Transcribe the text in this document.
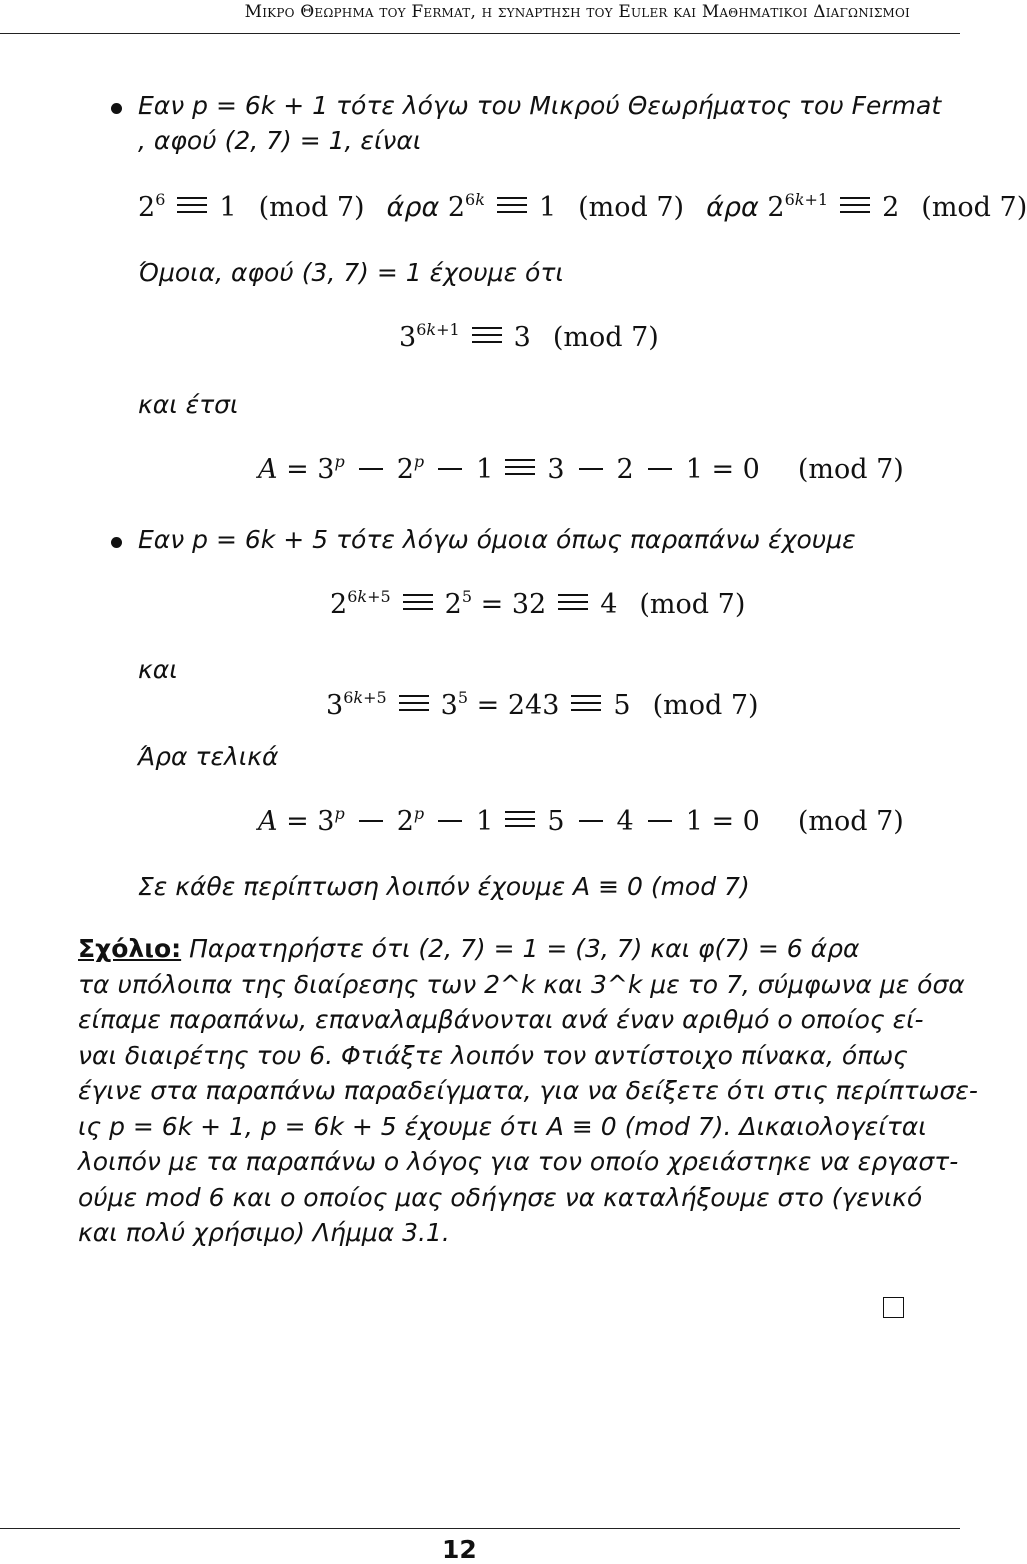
Μικρο Θεωρημα του Fermat, η συναρτηση του Euler και Μαθηματικοι Διαγωνισμοι
Εαν p = 6k + 1 τότε λόγω του Μικρού Θεωρήματος του Fermat
, αφού (2, 7) = 1, είναι
$2^6$ 1 (mod 7) άρα $2^{6k}$ 1 (mod 7) άρα $2^{6k+1}$ 2 (mod 7)
Όμοια, αφού (3, 7) = 1 έχουμε ότι
$3^{6k+1}$ 3 (mod 7)
και έτσι
$A = 3^p$ 2$^p$ 1 3 2 1 = 0 (mod 7)
Εαν p = 6k + 5 τότε λόγω όμοια όπως παραπάνω έχουμε
$2^{6k+5}$ $2^5 = 32$ 4 (mod 7)
και
$3^{6k+5}$ $3^5 = 243$ 5 (mod 7)
Άρα τελικά
$A = 3^p$ 2$^p$ 1 5 4 1 = 0 (mod 7)
Σε κάθε περίπτωση λοιπόν έχουμε A ≡ 0 (mod 7)
Σχόλιο: Παρατηρήστε ότι (2, 7) = 1 = (3, 7) και φ(7) = 6 άρα
τα υπόλοιπα της διαίρεσης των 2^k και 3^k με το 7, σύμφωνα με όσα
είπαμε παραπάνω, επαναλαμβάνονται ανά έναν αριθμό ο οποίος εί-
ναι διαιρέτης του 6. Φτιάξτε λοιπόν τον αντίστοιχο πίνακα, όπως
έγινε στα παραπάνω παραδείγματα, για να δείξετε ότι στις περίπτωσε-
ις p = 6k + 1, p = 6k + 5 έχουμε ότι A ≡ 0 (mod 7). Δικαιολογείται
λοιπόν με τα παραπάνω ο λόγος για τον οποίο χρειάστηκε να εργαστ-
ούμε mod 6 και ο οποίος μας οδήγησε να καταλήξουμε στο (γενικό
και πολύ χρήσιμο) Λήμμα 3.1.
12
